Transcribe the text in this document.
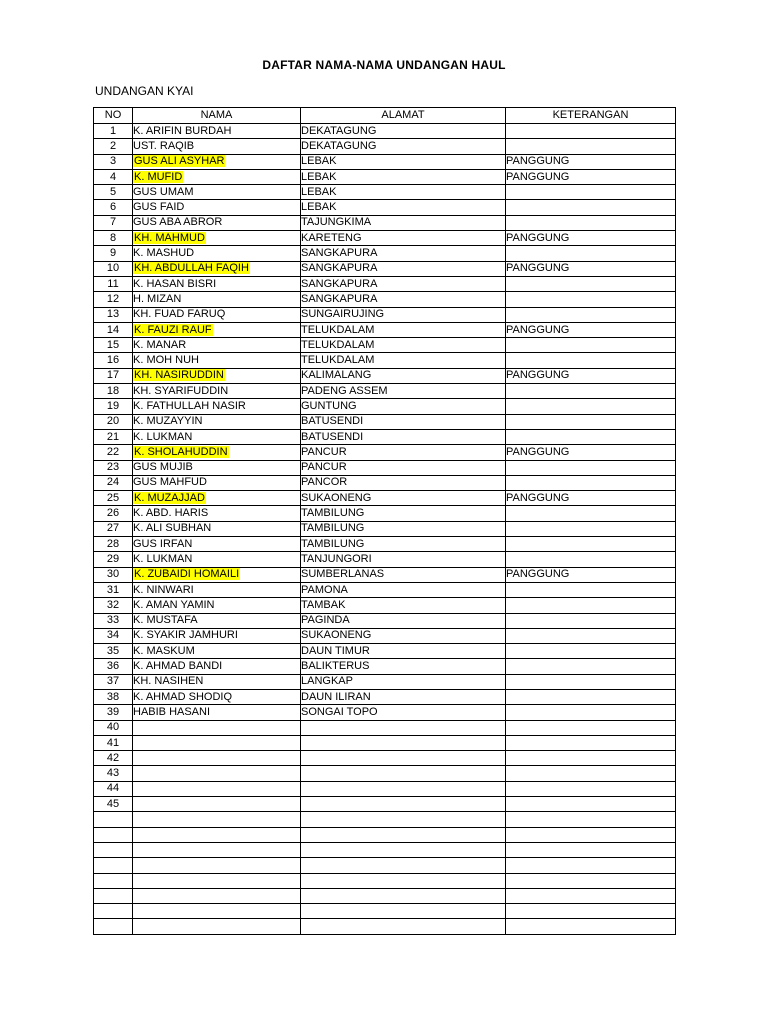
DAFTAR NAMA-NAMA UNDANGAN HAUL
UNDANGAN KYAI
NO	NAMA	ALAMAT	KETERANGAN
1	K. ARIFIN BURDAH	DEKATAGUNG	
2	UST. RAQIB	DEKATAGUNG	
3	GUS ALI ASYHAR	LEBAK	PANGGUNG
4	K. MUFID	LEBAK	PANGGUNG
5	GUS UMAM	LEBAK	
6	GUS FAID	LEBAK	
7	GUS ABA ABROR	TAJUNGKIMA	
8	KH. MAHMUD	KARETENG	PANGGUNG
9	K. MASHUD	SANGKAPURA	
10	KH. ABDULLAH FAQIH	SANGKAPURA	PANGGUNG
11	K. HASAN BISRI	SANGKAPURA	
12	H. MIZAN	SANGKAPURA	
13	KH. FUAD FARUQ	SUNGAIRUJING	
14	K. FAUZI RAUF	TELUKDALAM	PANGGUNG
15	K. MANAR	TELUKDALAM	
16	K. MOH NUH	TELUKDALAM	
17	KH. NASIRUDDIN	KALIMALANG	PANGGUNG
18	KH. SYARIFUDDIN	PADENG ASSEM	
19	K. FATHULLAH NASIR	GUNTUNG	
20	K. MUZAYYIN	BATUSENDI	
21	K. LUKMAN	BATUSENDI	
22	K. SHOLAHUDDIN	PANCUR	PANGGUNG
23	GUS MUJIB	PANCUR	
24	GUS MAHFUD	PANCOR	
25	K. MUZAJJAD	SUKAONENG	PANGGUNG
26	K. ABD. HARIS	TAMBILUNG	
27	K. ALI SUBHAN	TAMBILUNG	
28	GUS IRFAN	TAMBILUNG	
29	K. LUKMAN	TANJUNGORI	
30	K. ZUBAIDI HOMAILI	SUMBERLANAS	PANGGUNG
31	K. NINWARI	PAMONA	
32	K. AMAN YAMIN	TAMBAK	
33	K. MUSTAFA	PAGINDA	
34	K. SYAKIR JAMHURI	SUKAONENG	
35	K. MASKUM	DAUN TIMUR	
36	K. AHMAD BANDI	BALIKTERUS	
37	KH. NASIHEN	LANGKAP	
38	K. AHMAD SHODIQ	DAUN ILIRAN	
39	HABIB HASANI	SONGAI TOPO	
40			
41			
42			
43			
44			
45			
